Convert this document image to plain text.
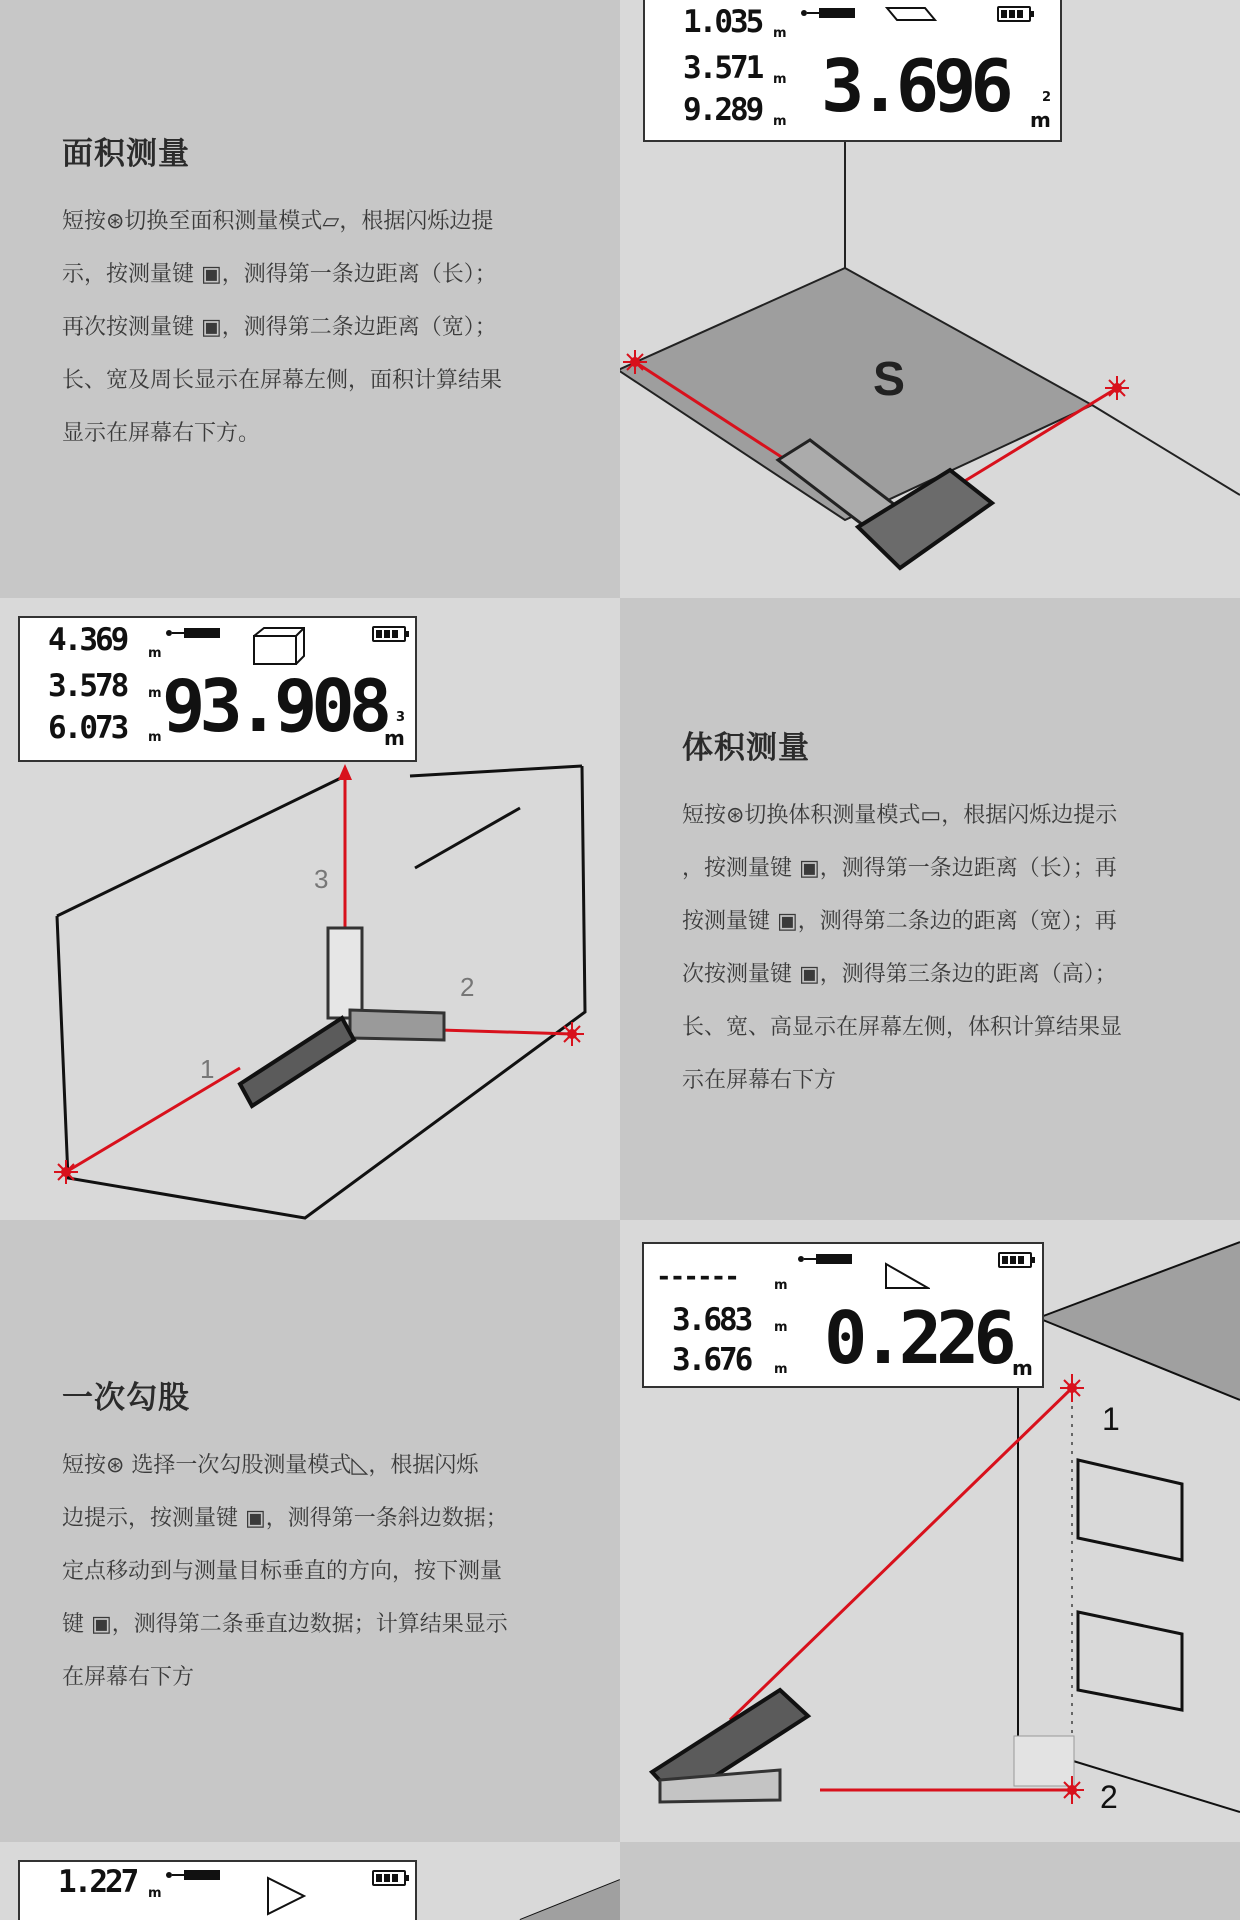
面积测量

短按⊛切换至面积测量模式▱，根据闪烁边提

示，按测量键 ▣，测得第一条边距离（长）；

再次按测量键 ▣，测得第二条边距离（宽）；

长、宽及周长显示在屏幕左侧，面积计算结果

显示在屏幕右下方。

S
1.035 m
3.571 m
9.289 m 3.696 m
2
1
2
3
4.369 m
3.578 m
6.073 m 93.908
m
3
体积测量

短按⊛切换体积测量模式▭，根据闪烁边提示

，按测量键 ▣，测得第一条边距离（长）；再

按测量键 ▣，测得第二条边的距离（宽）；再

次按测量键 ▣，测得第三条边的距离（高）；

长、宽、高显示在屏幕左侧，体积计算结果显

示在屏幕右下方

一次勾股

短按⊛ 选择一次勾股测量模式◺，根据闪烁

边提示，按测量键 ▣，测得第一条斜边数据；

定点移动到与测量目标垂直的方向，按下测量

键 ▣，测得第二条垂直边数据；计算结果显示

在屏幕右下方

1
2
------	m
3.683 m
3.676 m 0.226 m
1.227 m
